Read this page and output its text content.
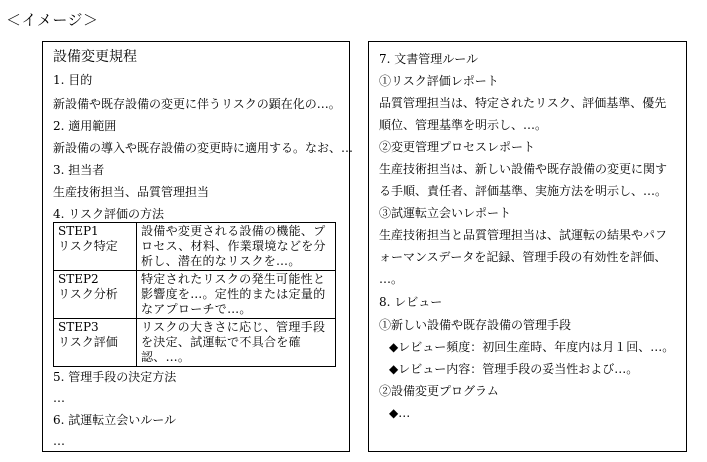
＜イメージ＞
設備変更規程
1. 目的
新設備や既存設備の変更に伴うリスクの顕在化の…。
2. 適用範囲
新設備の導入や既存設備の変更時に適用する。なお、…
3. 担当者
生産技術担当、品質管理担当
4. リスク評価の方法
STEP1
リスク特定	設備や変更される設備の機能、プロセス、材料、作業環境などを分析し、潜在的なリスクを…。

STEP2
リスク分析	特定されたリスクの発生可能性と影響度を…。定性的または定量的なアプローチで…。

STEP3
リスク評価	リスクの大きさに応じ、管理手段を決定、試運転で不具合を確認、…。
5. 管理手段の決定方法
…
6. 試運転立会いルール
…
7. 文書管理ルール
①リスク評価レポート
品質管理担当は、特定されたリスク、評価基準、優先
順位、管理基準を明示し、…。
②変更管理プロセスレポート
生産技術担当は、新しい設備や既存設備の変更に関す
る手順、責任者、評価基準、実施方法を明示し、…。
③試運転立会いレポート
生産技術担当と品質管理担当は、試運転の結果やパフ
ォーマンスデータを記録、管理手段の有効性を評価、
…。
8. レビュー
①新しい設備や既存設備の管理手段
◆レビュー頻度：初回生産時、年度内は月１回、…。
◆レビュー内容：管理手段の妥当性および…。
②設備変更プログラム
◆…
